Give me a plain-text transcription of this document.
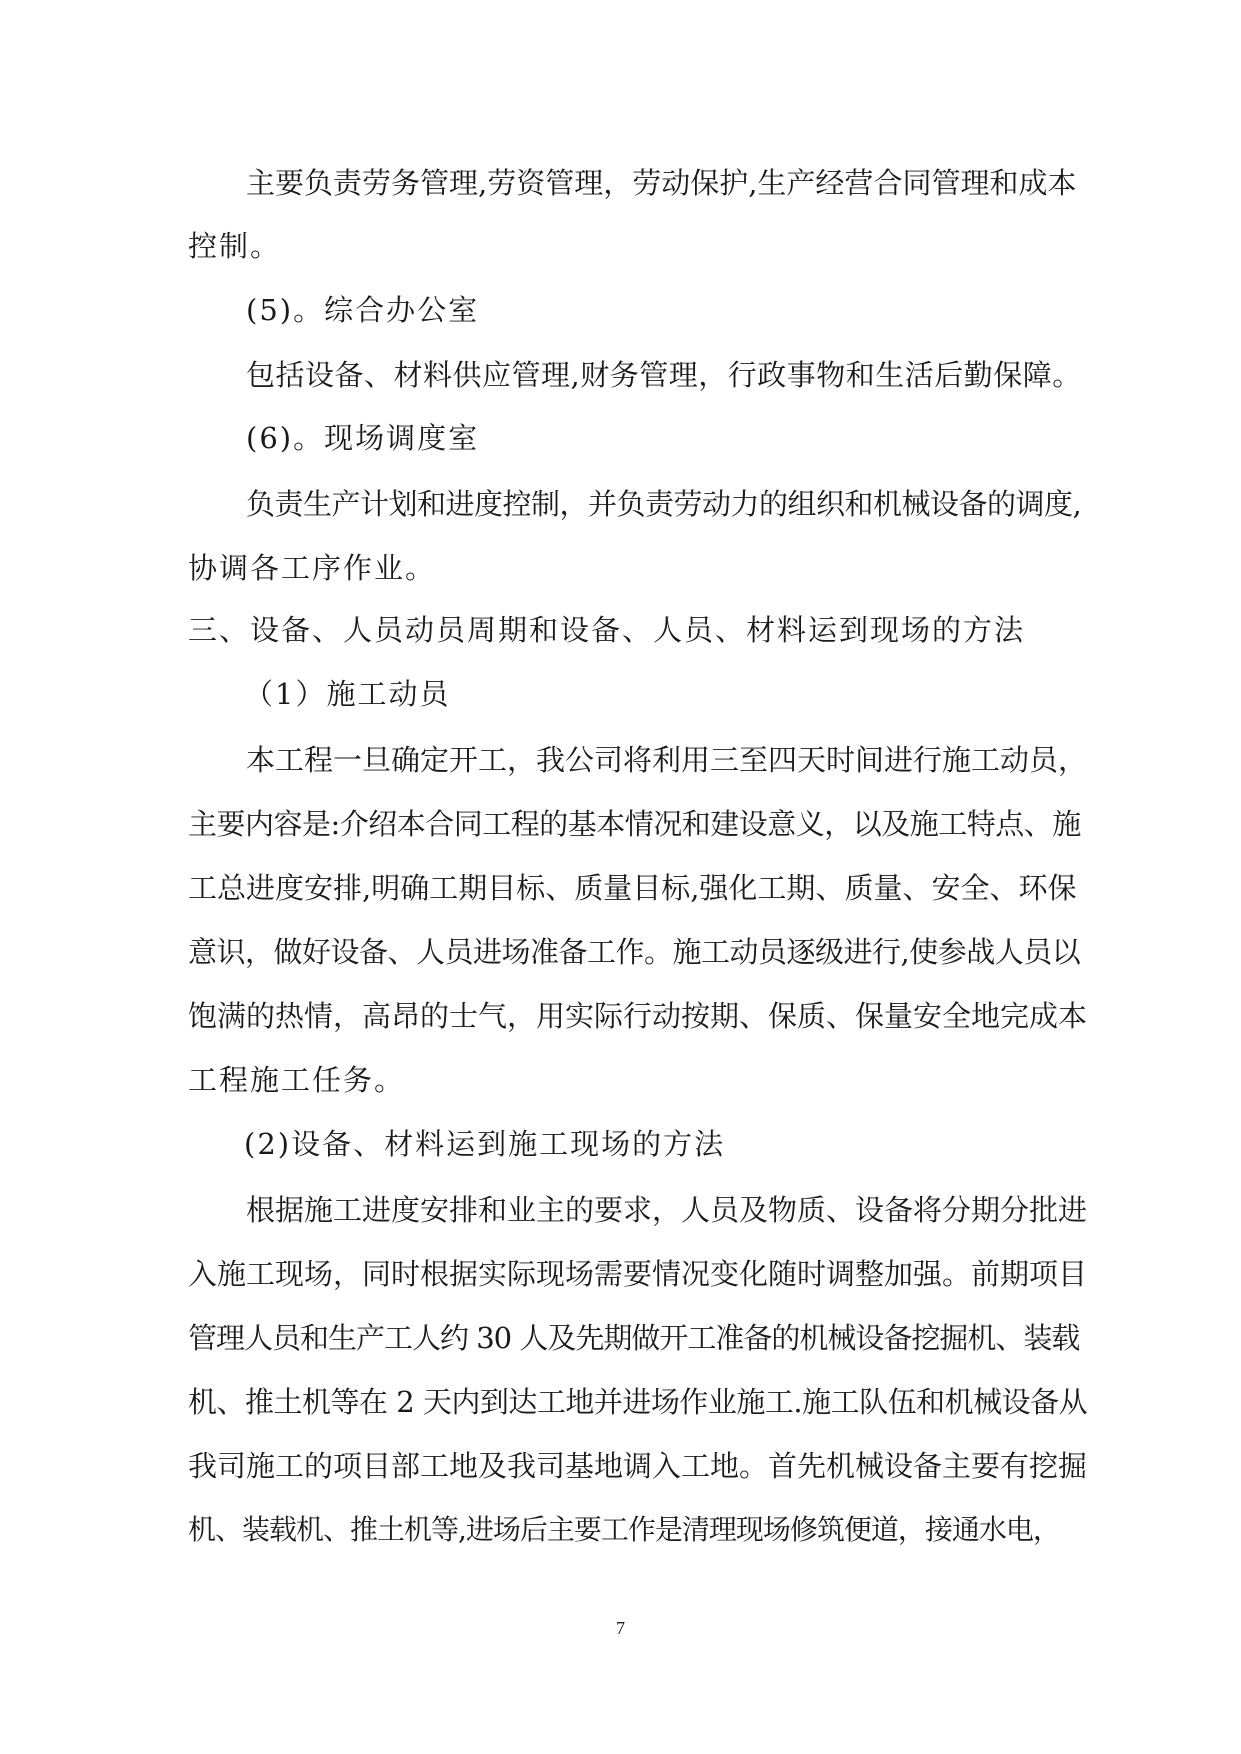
主要负责劳务管理,劳资管理，劳动保护,生产经营合同管理和成本
控制。
(5)。综合办公室
包括设备、材料供应管理,财务管理，行政事物和生活后勤保障。
(6)。现场调度室
负责生产计划和进度控制，并负责劳动力的组织和机械设备的调度,
协调各工序作业。
三、设备、人员动员周期和设备、人员、材料运到现场的方法
（1）施工动员
本工程一旦确定开工，我公司将利用三至四天时间进行施工动员，
主要内容是:介绍本合同工程的基本情况和建设意义，以及施工特点、施
工总进度安排,明确工期目标、质量目标,强化工期、质量、安全、环保
意识，做好设备、人员进场准备工作。施工动员逐级进行,使参战人员以
饱满的热情，高昂的士气，用实际行动按期、保质、保量安全地完成本
工程施工任务。
(2)设备、材料运到施工现场的方法
根据施工进度安排和业主的要求，人员及物质、设备将分期分批进
入施工现场，同时根据实际现场需要情况变化随时调整加强。前期项目
管理人员和生产工人约 30 人及先期做开工准备的机械设备挖掘机、装载
机、推土机等在 2 天内到达工地并进场作业施工.施工队伍和机械设备从
我司施工的项目部工地及我司基地调入工地。首先机械设备主要有挖掘
机、装载机、推土机等,进场后主要工作是清理现场修筑便道，接通水电，
7
